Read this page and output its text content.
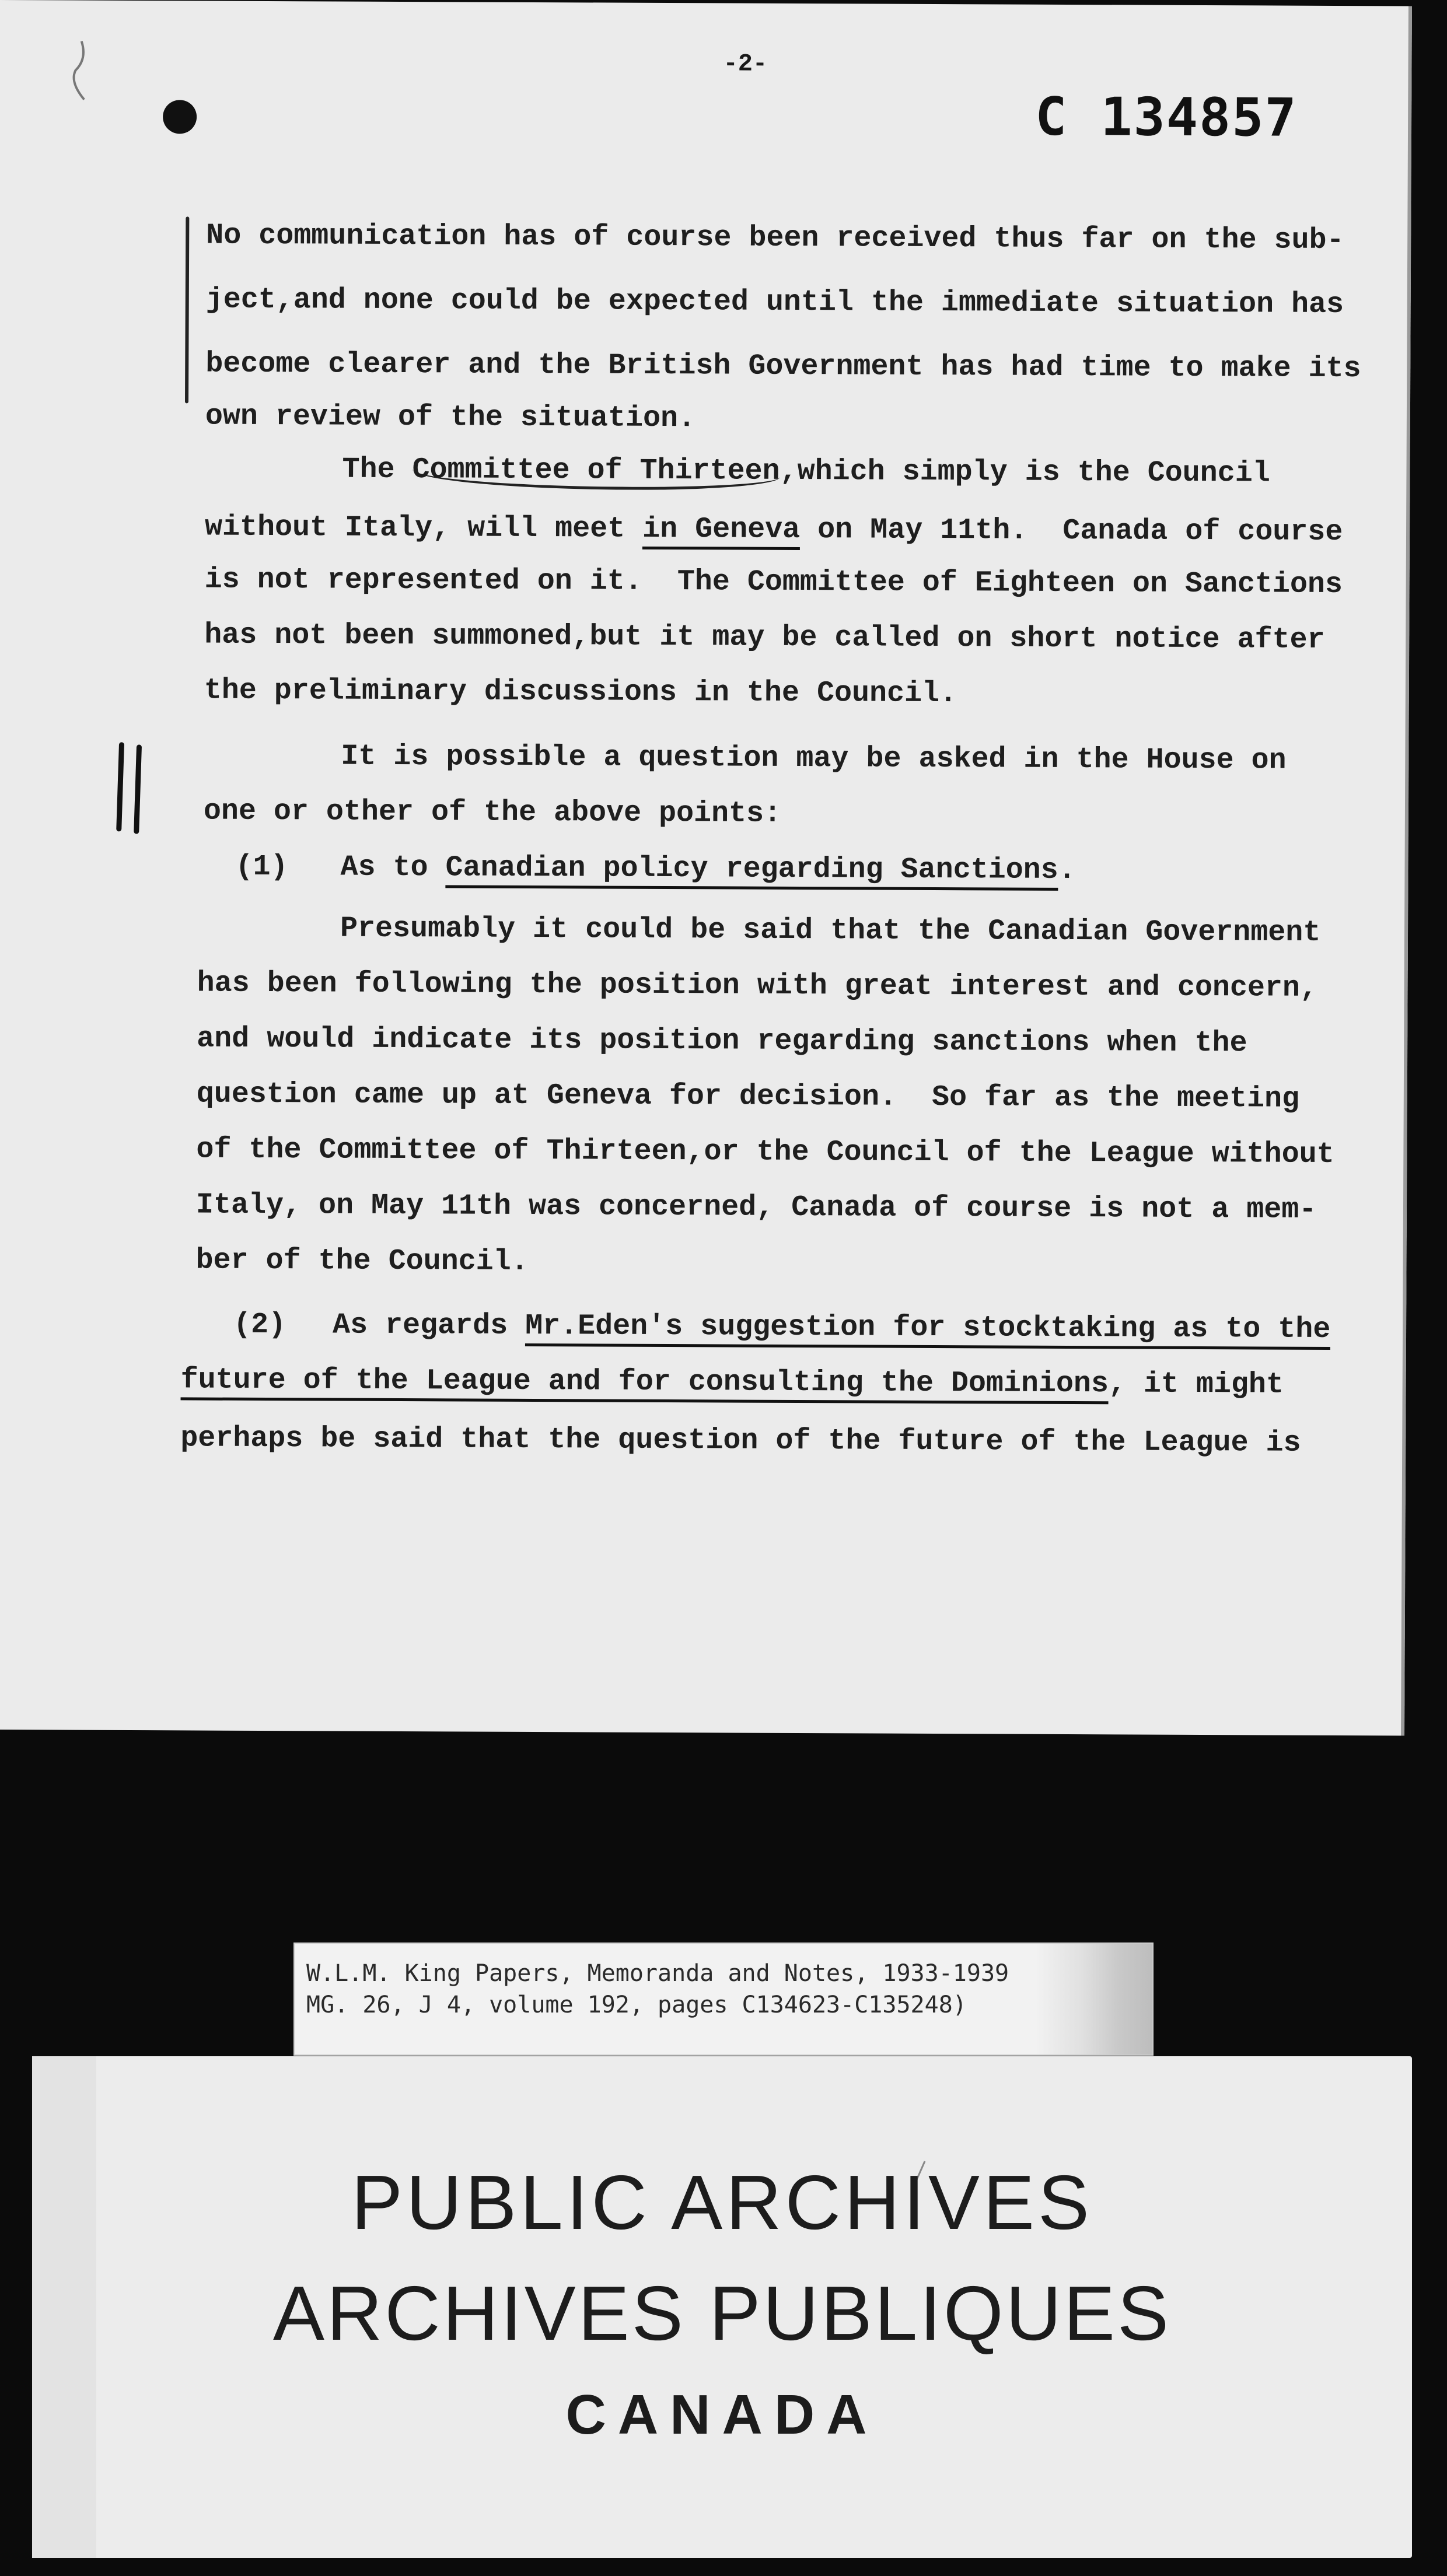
-2-
C 134857
No communication has of course been received thus far on the sub-
ject,and none could be expected until the immediate situation has
become clearer and the British Government has had time to make its
own review of the situation.
The Committee of Thirteen,which simply is the Council
without Italy, will meet in Geneva on May 11th.  Canada of course
is not represented on it.  The Committee of Eighteen on Sanctions
has not been summoned,but it may be called on short notice after
the preliminary discussions in the Council.
It is possible a question may be asked in the House on
one or other of the above points:
(1) As to Canadian policy regarding Sanctions.
Presumably it could be said that the Canadian Government
has been following the position with great interest and concern,
and would indicate its position regarding sanctions when the
question came up at Geneva for decision.  So far as the meeting
of the Committee of Thirteen,or the Council of the League without
Italy, on May 11th was concerned, Canada of course is not a mem-
ber of the Council.
(2) As regards Mr.Eden's suggestion for stocktaking as to the
future of the League and for consulting the Dominions, it might
perhaps be said that the question of the future of the League is
W.L.M. King Papers, Memoranda and Notes, 1933-1939
MG. 26, J 4, volume 192, pages C134623-C135248)
PUBLIC ARCHIVES
ARCHIVES PUBLIQUES
CANADA
